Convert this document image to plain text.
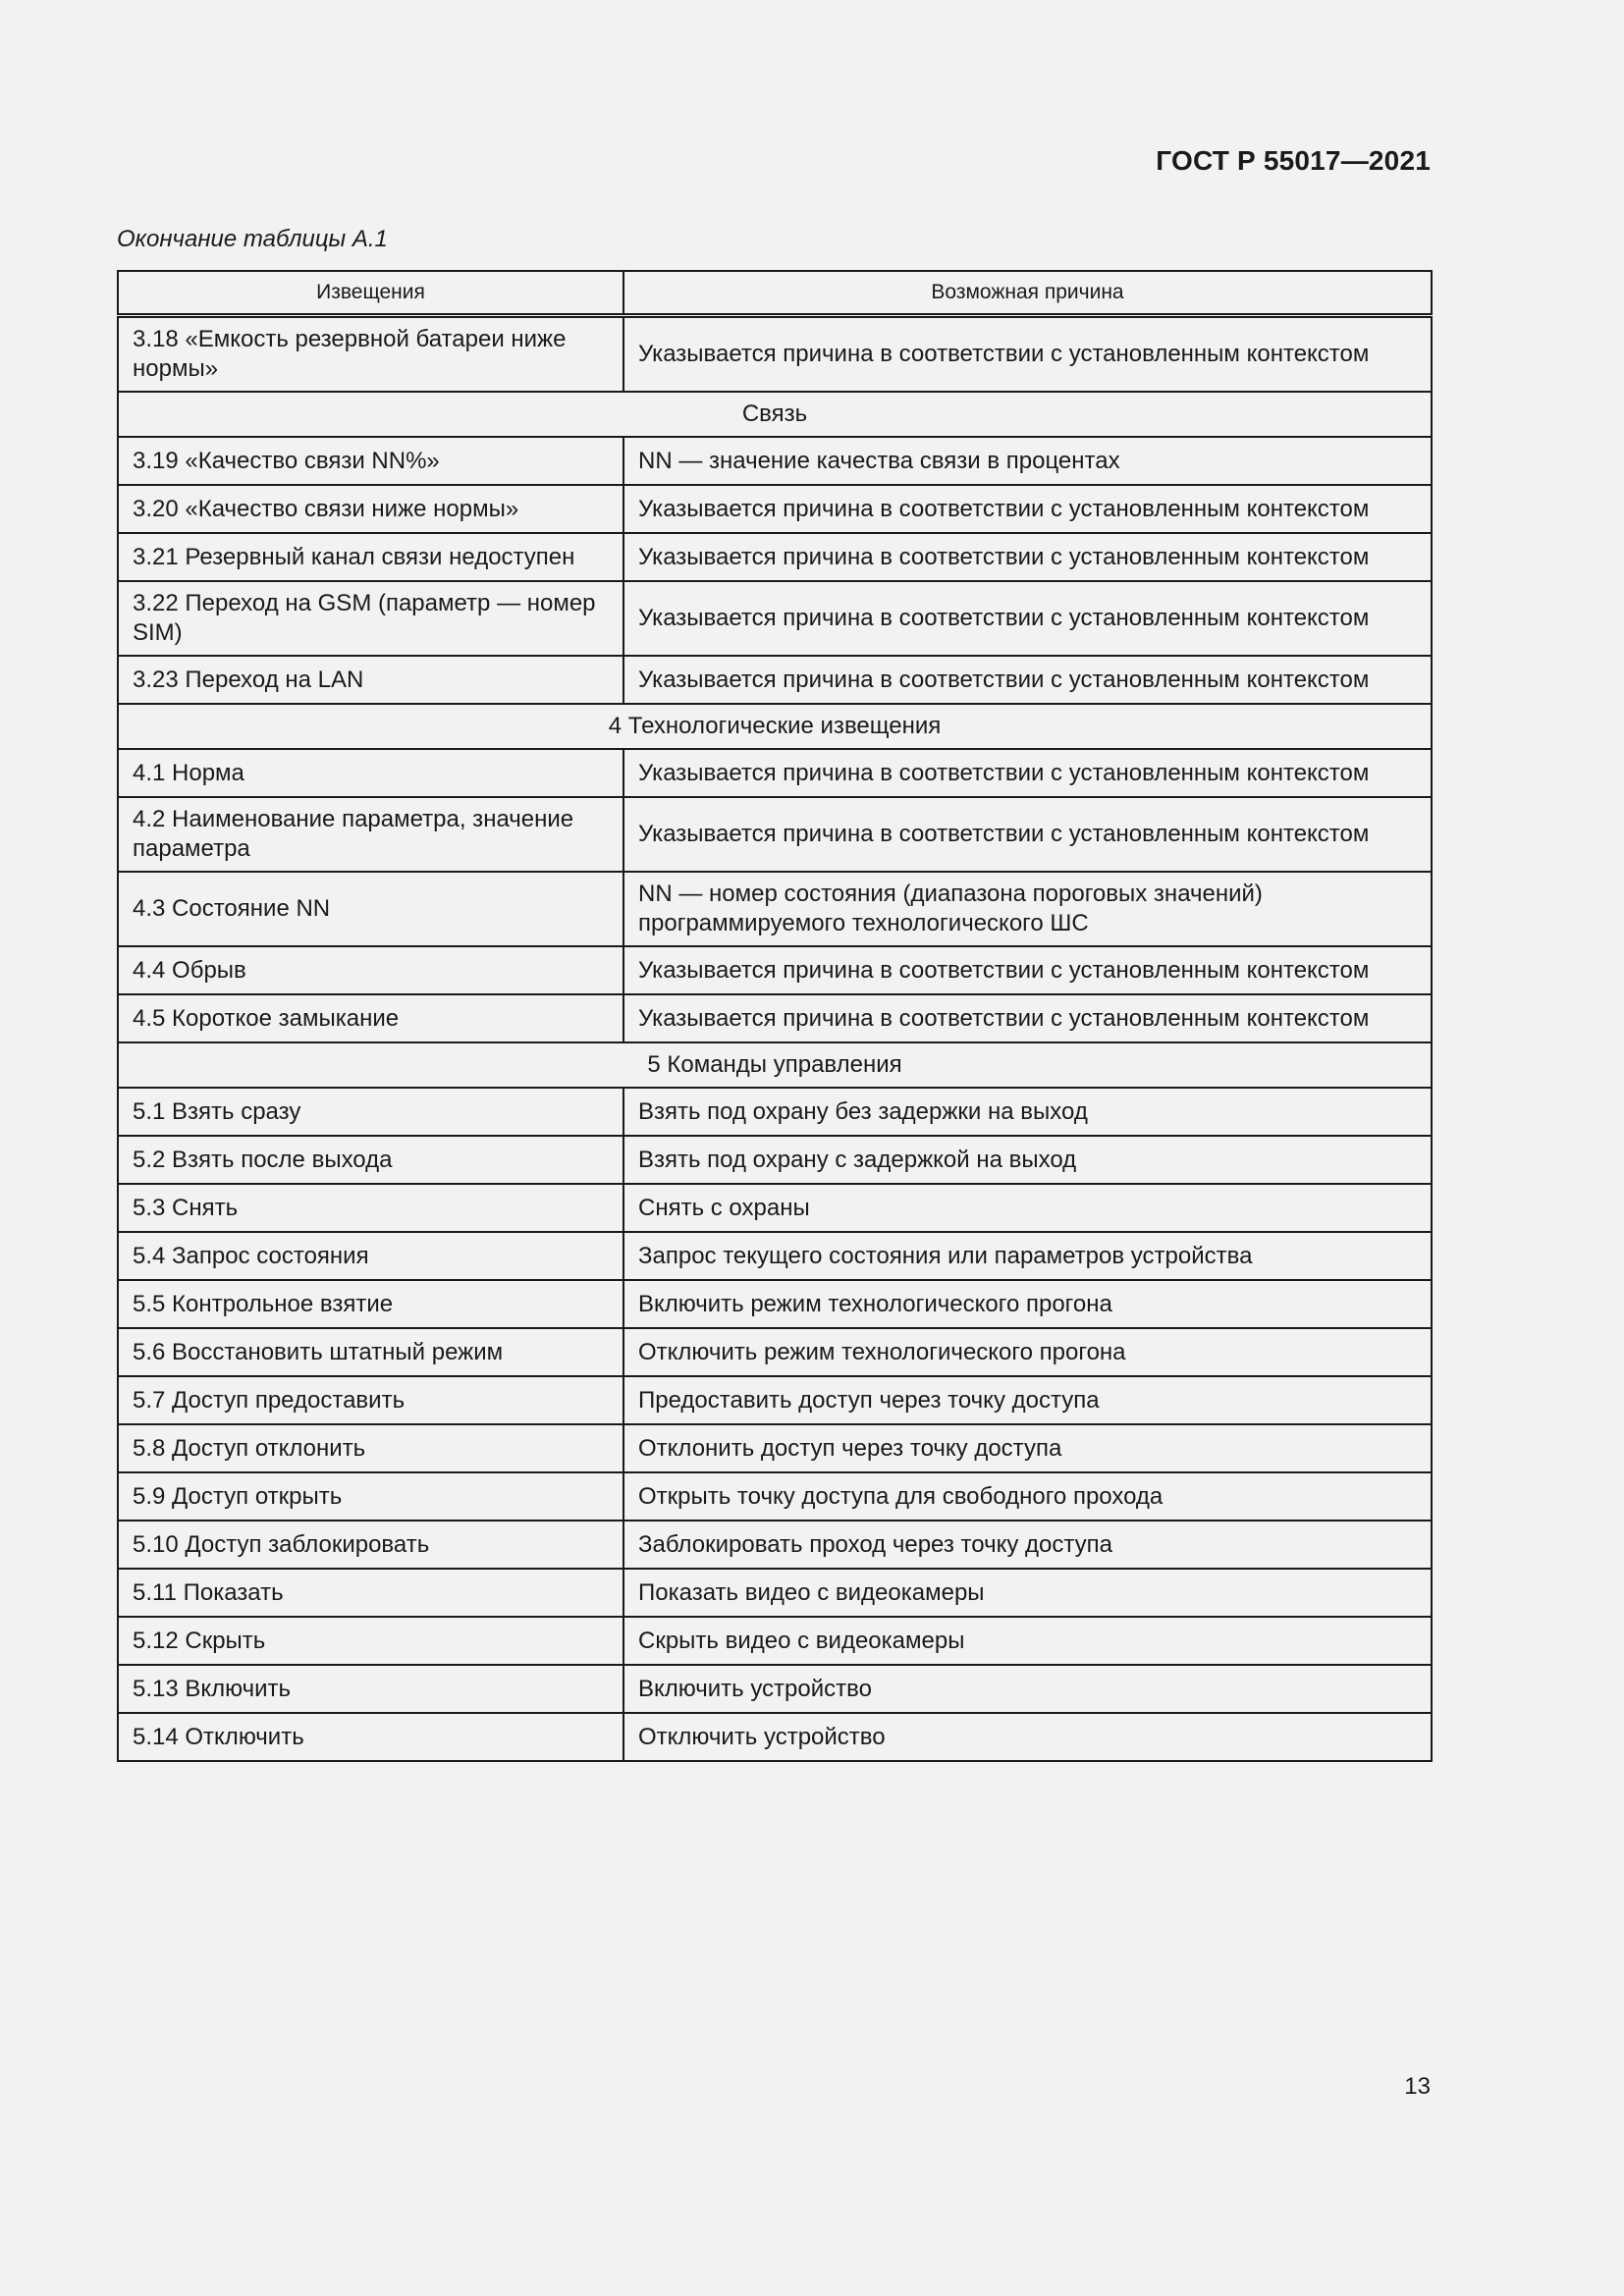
ГОСТ Р 55017—2021
Окончание таблицы А.1
Извещения	Возможная причина
3.18 «Емкость резервной батареи ниже нормы»	Указывается причина в соответствии с установленным контекстом
Связь	
3.19 «Качество связи NN%»	NN — значение качества связи в процентах
3.20 «Качество связи ниже нормы»	Указывается причина в соответствии с установленным контекстом
3.21 Резервный канал связи недоступен	Указывается причина в соответствии с установленным контекстом
3.22 Переход на GSM (параметр — номер SIM)	Указывается причина в соответствии с установленным контекстом
3.23 Переход на LAN	Указывается причина в соответствии с установленным контекстом
4 Технологические извещения	
4.1 Норма	Указывается причина в соответствии с установленным контекстом
4.2 Наименование параметра, значение параметра	Указывается причина в соответствии с установленным контекстом
4.3 Состояние NN	NN — номер состояния (диапазона пороговых значений) программируемого технологического ШС
4.4 Обрыв	Указывается причина в соответствии с установленным контекстом
4.5 Короткое замыкание	Указывается причина в соответствии с установленным контекстом
5 Команды управления	
5.1 Взять сразу	Взять под охрану без задержки на выход
5.2 Взять после выхода	Взять под охрану с задержкой на выход
5.3 Снять	Снять с охраны
5.4 Запрос состояния	Запрос текущего состояния или параметров устройства
5.5 Контрольное взятие	Включить режим технологического прогона
5.6 Восстановить штатный режим	Отключить режим технологического прогона
5.7 Доступ предоставить	Предоставить доступ через точку доступа
5.8 Доступ отклонить	Отклонить доступ через точку доступа
5.9 Доступ открыть	Открыть точку доступа для свободного прохода
5.10 Доступ заблокировать	Заблокировать проход через точку доступа
5.11 Показать	Показать видео с видеокамеры
5.12 Скрыть	Скрыть видео с видеокамеры
5.13 Включить	Включить устройство
5.14 Отключить	Отключить устройство
13
